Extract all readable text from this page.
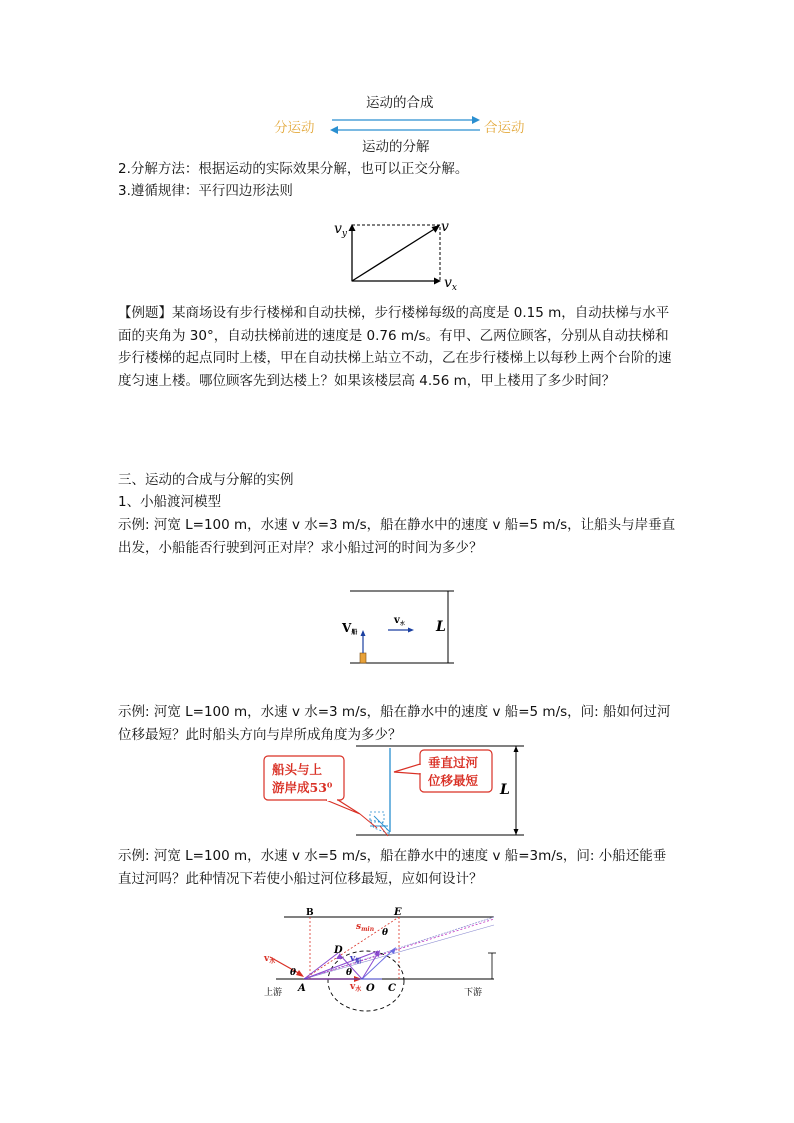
运动的合成
分运动	合运动
运动的分解
2.分解方法：根据运动的实际效果分解，也可以正交分解。
3.遵循规律：平行四边形法则
$v_y$	v
$v_x$
【例题】某商场设有步行楼梯和自动扶梯，步行楼梯每级的高度是 0.15 m，自动扶梯与水平面的夹角为 30°，自动扶梯前进的速度是 0.76 m/s。有甲、乙两位顾客，分别从自动扶梯和步行楼梯的起点同时上楼，甲在自动扶梯上站立不动，乙在步行楼梯上以每秒上两个台阶的速度匀速上楼。哪位顾客先到达楼上？如果该楼层高 4.56 m，甲上楼用了多少时间？
三、运动的合成与分解的实例
1、小船渡河模型
示例: 河宽 L=100 m，水速 v 水=3 m/s，船在静水中的速度 v 船=5 m/s，让船头与岸垂直出发，小船能否行驶到河正对岸？求小船过河的时间为多少？
V船
$v_水$ L
示例: 河宽 L=100 m，水速 v 水=3 m/s，船在静水中的速度 v 船=5 m/s，问: 船如何过河位移最短？此时船头方向与岸所成角度为多少？
船头与上
游岸成53⁰
垂直过河
位移最短
L
示例: 河宽 L=100 m，水速 v 水=5 m/s，船在静水中的速度 v 船=3m/s，问: 小船还能垂直过河吗？此种情况下若使小船过河位移最短，应如何设计？
B	E
D
A	O C
θ
θ	θ
$s_{min}$
$v_水$
$v_水$
$v_船$
上游	下游
